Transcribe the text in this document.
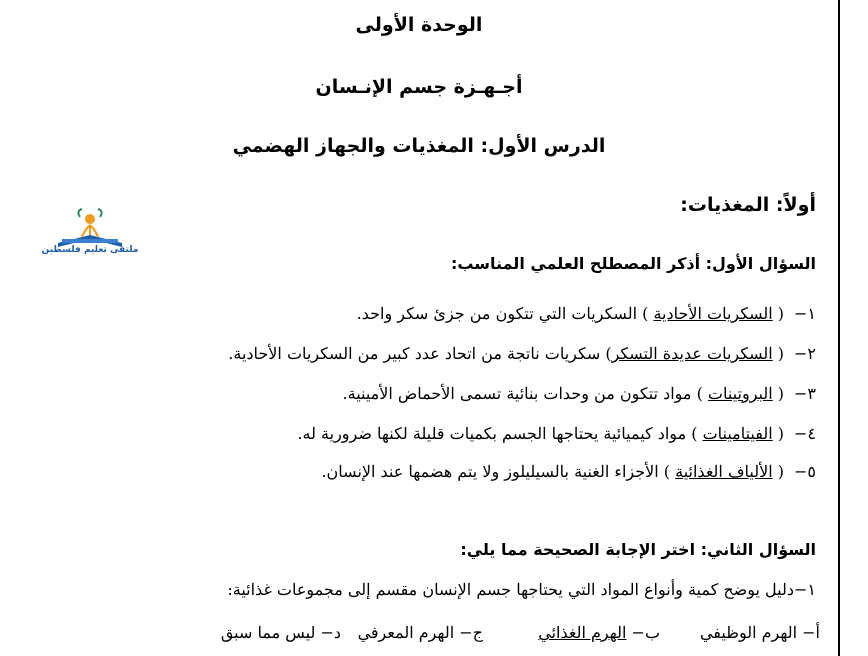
الوحدة الأولى
أجـهـزة جسم الإنـسان
الدرس الأول: المغذيات والجهاز الهضمي
ملتقى تعليم فلسطين
أولاً: المغذيات:
السؤال الأول: أذكر المصطلح العلمي المناسب:
١−( السكريات الأحادية ) السكريات التي تتكون من جزئ سكر واحد.
٢−( السكريات عديدة التسكر) سكريات ناتجة من اتحاد عدد كبير من السكريات الأحادية.
٣−( البروتينات ) مواد تتكون من وحدات بنائية تسمى الأحماض الأمينية.
٤−( الفيتامينات ) مواد كيميائية يحتاجها الجسم بكميات قليلة لكنها ضرورية له.
٥−( الألياف الغذائية ) الأجزاء الغنية بالسيليلوز ولا يتم هضمها عند الإنسان.
السؤال الثاني: اختر الإجابة الصحيحة مما يلي:
١−دليل يوضح كمية وأنواع المواد التي يحتاجها جسم الإنسان مقسم إلى مجموعات غذائية:
أ− الهرم الوظيفي
ب− الهرم الغذائي
ج− الهرم المعرفي
د− ليس مما سبق
